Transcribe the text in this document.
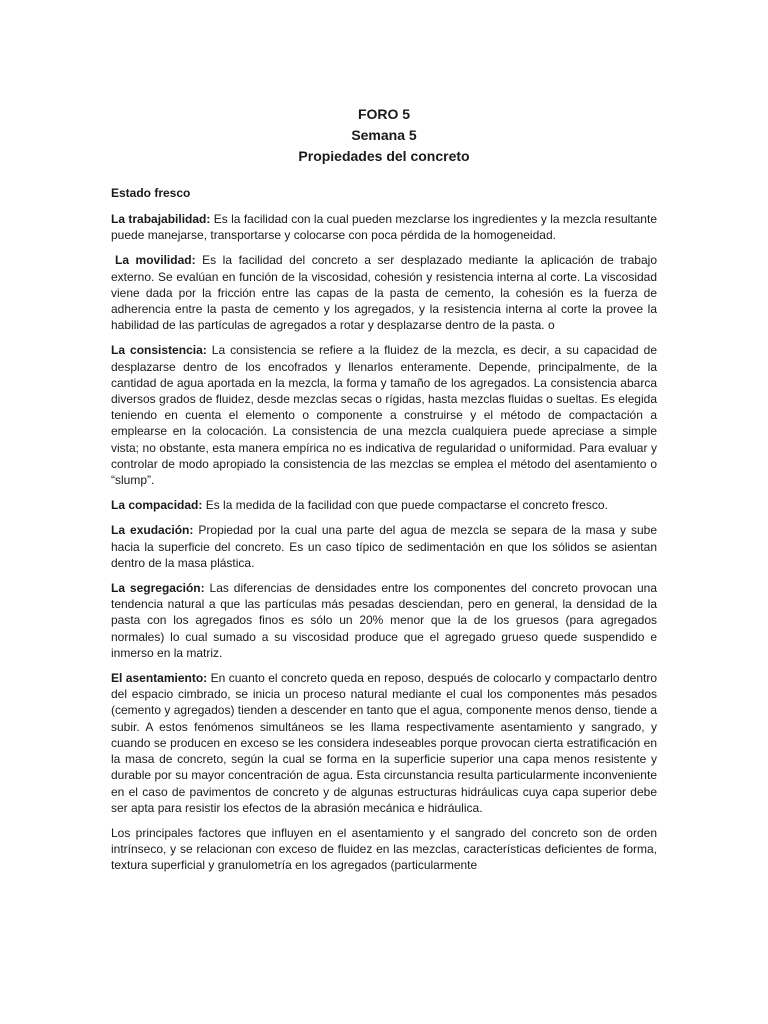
FORO 5
Semana 5
Propiedades del concreto
Estado fresco

La trabajabilidad: Es la facilidad con la cual pueden mezclarse los ingredientes y la mezcla resultante puede manejarse, transportarse y colocarse con poca pérdida de la homogeneidad.

La movilidad: Es la facilidad del concreto a ser desplazado mediante la aplicación de trabajo externo. Se evalúan en función de la viscosidad, cohesión y resistencia interna al corte. La viscosidad viene dada por la fricción entre las capas de la pasta de cemento, la cohesión es la fuerza de adherencia entre la pasta de cemento y los agregados, y la resistencia interna al corte la provee la habilidad de las partículas de agregados a rotar y desplazarse dentro de la pasta. o

La consistencia: La consistencia se refiere a la fluidez de la mezcla, es decir, a su capacidad de desplazarse dentro de los encofrados y llenarlos enteramente. Depende, principalmente, de la cantidad de agua aportada en la mezcla, la forma y tamaño de los agregados. La consistencia abarca diversos grados de fluidez, desde mezclas secas o rígidas, hasta mezclas fluidas o sueltas. Es elegida teniendo en cuenta el elemento o componente a construirse y el método de compactación a emplearse en la colocación. La consistencia de una mezcla cualquiera puede apreciase a simple vista; no obstante, esta manera empírica no es indicativa de regularidad o uniformidad. Para evaluar y controlar de modo apropiado la consistencia de las mezclas se emplea el método del asentamiento o “slump”.

La compacidad: Es la medida de la facilidad con que puede compactarse el concreto fresco.

La exudación: Propiedad por la cual una parte del agua de mezcla se separa de la masa y sube hacia la superficie del concreto. Es un caso típico de sedimentación en que los sólidos se asientan dentro de la masa plástica.

La segregación: Las diferencias de densidades entre los componentes del concreto provocan una tendencia natural a que las partículas más pesadas desciendan, pero en general, la densidad de la pasta con los agregados finos es sólo un 20% menor que la de los gruesos (para agregados normales) lo cual sumado a su viscosidad produce que el agregado grueso quede suspendido e inmerso en la matriz.

El asentamiento: En cuanto el concreto queda en reposo, después de colocarlo y compactarlo dentro del espacio cimbrado, se inicia un proceso natural mediante el cual los componentes más pesados (cemento y agregados) tienden a descender en tanto que el agua, componente menos denso, tiende a subir. A estos fenómenos simultáneos se les llama respectivamente asentamiento y sangrado, y cuando se producen en exceso se les considera indeseables porque provocan cierta estratificación en la masa de concreto, según la cual se forma en la superficie superior una capa menos resistente y durable por su mayor concentración de agua. Esta circunstancia resulta particularmente inconveniente en el caso de pavimentos de concreto y de algunas estructuras hidráulicas cuya capa superior debe ser apta para resistir los efectos de la abrasión mecánica e hidráulica.

Los principales factores que influyen en el asentamiento y el sangrado del concreto son de orden intrínseco, y se relacionan con exceso de fluidez en las mezclas, características deficientes de forma, textura superficial y granulometría en los agregados (particularmente
